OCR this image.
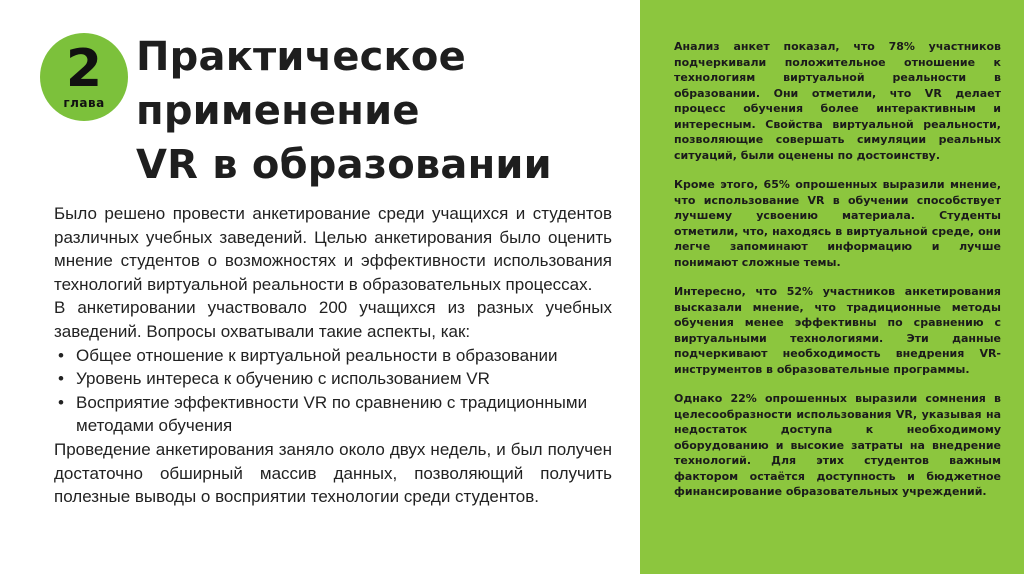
2
глава
Практическое
применение
VR в образовании

Было решено провести анкетирование среди учащихся и студентов различных учебных заведений. Целью анкетирования было оценить мнение студентов о возможностях и эффективности использования технологий виртуальной реальности в образовательных процессах.

В анкетировании участвовало 200 учащихся из разных учебных заведений. Вопросы охватывали такие аспекты, как:

• Общее отношение к виртуальной реальности в образовании
• Уровень интереса к обучению с использованием VR
• Восприятие эффективности VR по сравнению с традиционными методами обучения

Проведение анкетирования заняло около двух недель, и был получен достаточно обширный массив данных, позволяющий получить полезные выводы о восприятии технологии среди студентов.

Анализ анкет показал, что 78% участников подчеркивали положительное отношение к технологиям виртуальной реальности в образовании. Они отметили, что VR делает процесс обучения более интерактивным и интересным. Свойства виртуальной реальности, позволяющие совершать симуляции реальных ситуаций, были оценены по достоинству.

Кроме этого, 65% опрошенных выразили мнение, что использование VR в обучении способствует лучшему усвоению материала. Студенты отметили, что, находясь в виртуальной среде, они легче запоминают информацию и лучше понимают сложные темы.

Интересно, что 52% участников анкетирования высказали мнение, что традиционные методы обучения менее эффективны по сравнению с виртуальными технологиями. Эти данные подчеркивают необходимость внедрения VR-инструментов в образовательные программы.

Однако 22% опрошенных выразили сомнения в целесообразности использования VR, указывая на недостаток доступа к необходимому оборудованию и высокие затраты на внедрение технологий. Для этих студентов важным фактором остаётся доступность и бюджетное финансирование образовательных учреждений.
